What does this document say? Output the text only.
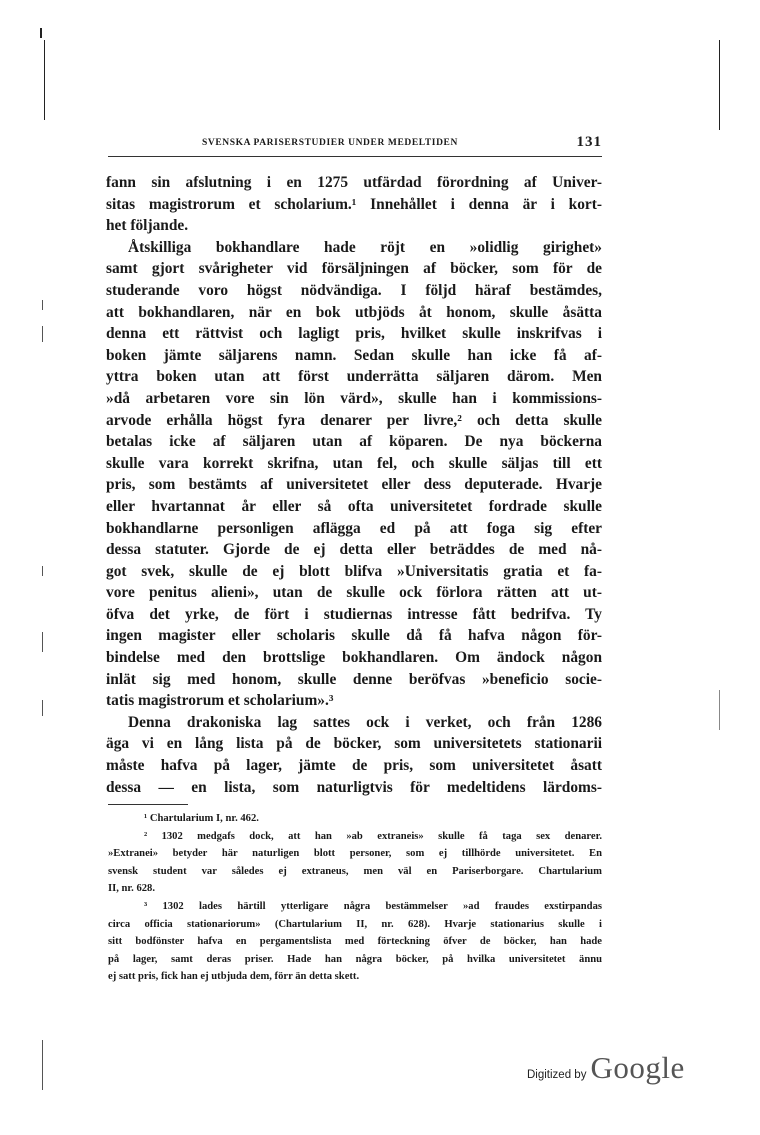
SVENSKA PARISERSTUDIER UNDER MEDELTIDEN	131
fann sin afslutning i en 1275 utfärdad förordning af Univer-
sitas magistrorum et scholarium.¹ Innehållet i denna är i kort-
het följande.
Åtskilliga bokhandlare hade röjt en »olidlig girighet»
samt gjort svårigheter vid försäljningen af böcker, som för de
studerande voro högst nödvändiga. I följd häraf bestämdes,
att bokhandlaren, när en bok utbjöds åt honom, skulle åsätta
denna ett rättvist och lagligt pris, hvilket skulle inskrifvas i
boken jämte säljarens namn. Sedan skulle han icke få af-
yttra boken utan att först underrätta säljaren därom. Men
»då arbetaren vore sin lön värd», skulle han i kommissions-
arvode erhålla högst fyra denarer per livre,² och detta skulle
betalas icke af säljaren utan af köparen. De nya böckerna
skulle vara korrekt skrifna, utan fel, och skulle säljas till ett
pris, som bestämts af universitetet eller dess deputerade. Hvarje
eller hvartannat år eller så ofta universitetet fordrade skulle
bokhandlarne personligen aflägga ed på att foga sig efter
dessa statuter. Gjorde de ej detta eller beträddes de med nå-
got svek, skulle de ej blott blifva »Universitatis gratia et fa-
vore penitus alieni», utan de skulle ock förlora rätten att ut-
öfva det yrke, de fört i studiernas intresse fått bedrifva. Ty
ingen magister eller scholaris skulle då få hafva någon för-
bindelse med den brottslige bokhandlaren. Om ändock någon
inlät sig med honom, skulle denne beröfvas »beneficio socie-
tatis magistrorum et scholarium».³
Denna drakoniska lag sattes ock i verket, och från 1286
äga vi en lång lista på de böcker, som universitetets stationarii
måste hafva på lager, jämte de pris, som universitetet åsatt
dessa — en lista, som naturligtvis för medeltidens lärdoms-
¹ Chartularium I, nr. 462.
² 1302 medgafs dock, att han »ab extraneis» skulle få taga sex denarer.
»Extranei» betyder här naturligen blott personer, som ej tillhörde universitetet. En
svensk student var således ej extraneus, men väl en Pariserborgare. Chartularium
II, nr. 628.
³ 1302 lades härtill ytterligare några bestämmelser »ad fraudes exstirpandas
circa officia stationariorum» (Chartularium II, nr. 628). Hvarje stationarius skulle i
sitt bodfönster hafva en pergamentslista med förteckning öfver de böcker, han hade
på lager, samt deras priser. Hade han några böcker, på hvilka universitetet ännu
ej satt pris, fick han ej utbjuda dem, förr än detta skett.
Digitized by Google
